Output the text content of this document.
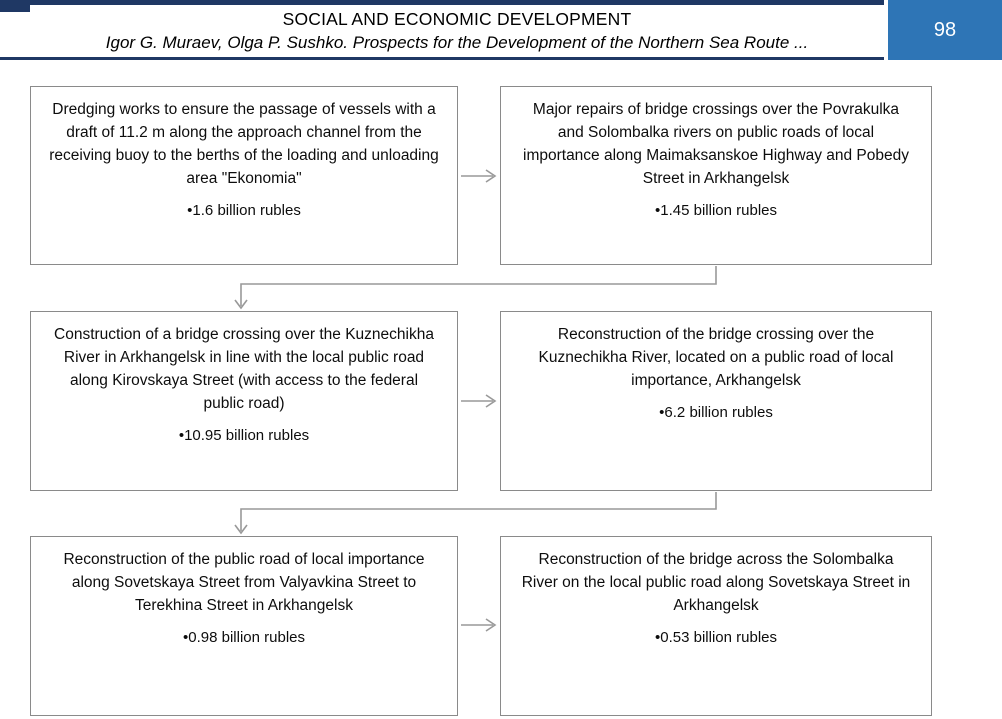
SOCIAL AND ECONOMIC DEVELOPMENT
Igor G. Muraev, Olga P. Sushko. Prospects for the Development of the Northern Sea Route ...
98
Dredging works to ensure the passage of vessels with a draft of 11.2 m along the approach channel from the receiving buoy to the berths of the loading and unloading area "Ekonomia"
•1.6 billion rubles
Major repairs of bridge crossings over the Povrakulka and Solombalka rivers on public roads of local importance along Maimaksanskoe Highway and Pobedy Street in Arkhangelsk
•1.45 billion rubles
Construction of a bridge crossing over the Kuznechikha River in Arkhangelsk in line with the local public road along Kirovskaya Street (with access to the federal public road)
•10.95 billion rubles
Reconstruction of the bridge crossing over the Kuznechikha River, located on a public road of local importance, Arkhangelsk
•6.2 billion rubles
Reconstruction of the public road of local importance along Sovetskaya Street from Valyavkina Street to Terekhina Street in Arkhangelsk
•0.98 billion rubles
Reconstruction of the bridge across the Solombalka River on the local public road along Sovetskaya Street in Arkhangelsk
•0.53 billion rubles
